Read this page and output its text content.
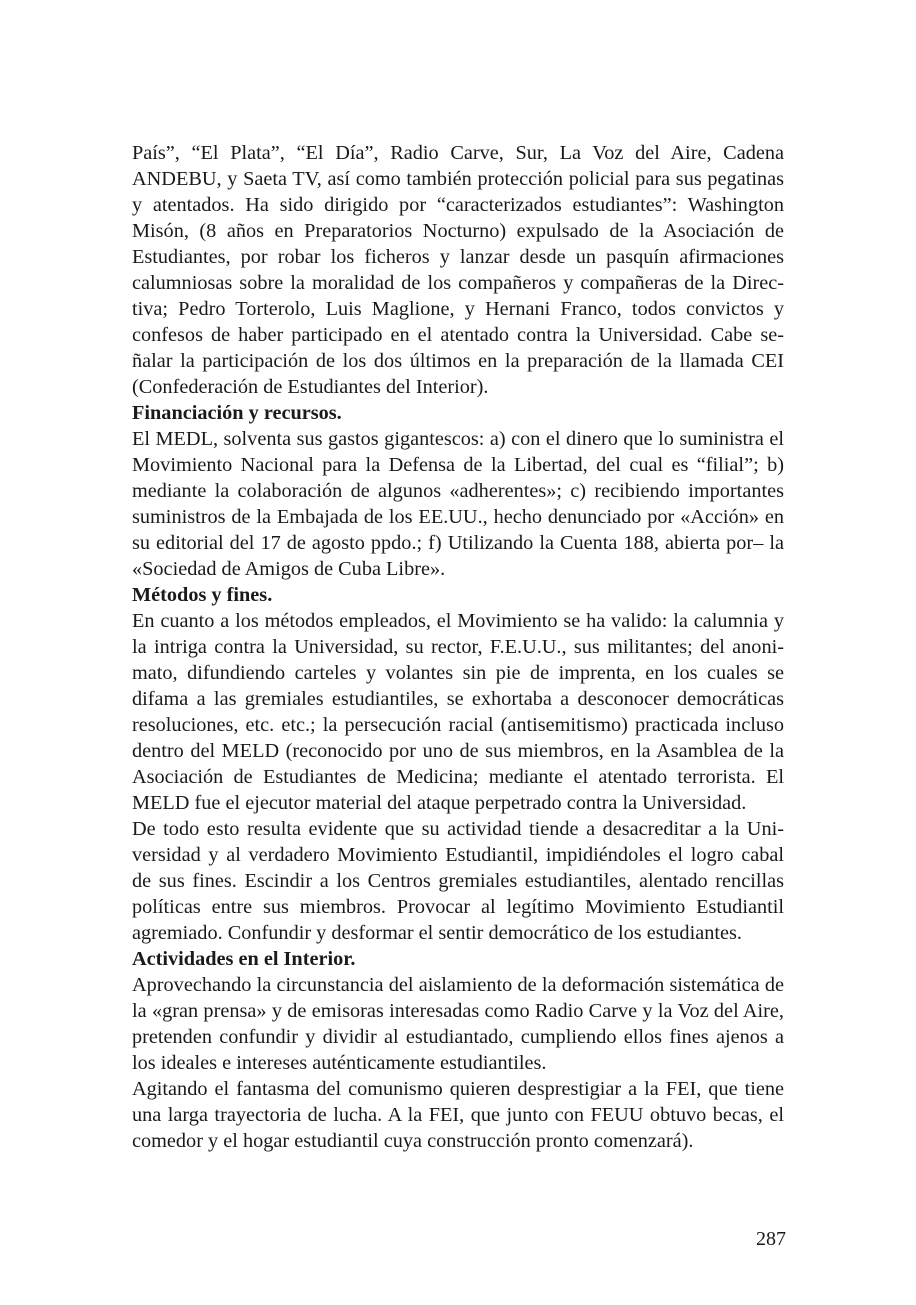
País”, “El Plata”, “El Día”, Radio Carve, Sur, La Voz del Aire, Cadena ANDEBU, y Saeta TV, así como también protección policial para sus pegatinas y atentados. Ha sido dirigido por “caracterizados estudiantes”: Washington Misón, (8 años en Preparatorios Nocturno) expulsado de la Asociación de Estudiantes, por robar los ficheros y lanzar desde un pasquín afirmaciones calumniosas sobre la moralidad de los compañeros y compañeras de la Directiva; Pedro Torterolo, Luis Maglione, y Hernani Franco, todos convictos y confesos de haber participado en el atentado contra la Universidad. Cabe señalar la participación de los dos últimos en la preparación de la llamada CEI (Confederación de Estudiantes del Interior).

Financiación y recursos.

El MEDL, solventa sus gastos gigantescos: a) con el dinero que lo suministra el Movimiento Nacional para la Defensa de la Libertad, del cual es “filial”; b) mediante la colaboración de algunos «adherentes»; c) recibiendo importantes suministros de la Embajada de los EE.UU., hecho denunciado por «Acción» en su editorial del 17 de agosto ppdo.; f) Utilizando la Cuenta 188, abierta por– la «Sociedad de Amigos de Cuba Libre».

Métodos y fines.

En cuanto a los métodos empleados, el Movimiento se ha valido: la calumnia y la intriga contra la Universidad, su rector, F.E.U.U., sus militantes; del anonimato, difundiendo carteles y volantes sin pie de imprenta, en los cuales se difama a las gremiales estudiantiles, se exhortaba a desconocer democráticas resoluciones, etc. etc.; la persecución racial (antisemitismo) practicada incluso dentro del MELD (reconocido por uno de sus miembros, en la Asamblea de la Asociación de Estudiantes de Medicina; mediante el atentado terrorista. El MELD fue el ejecutor material del ataque perpetrado contra la Universidad.

De todo esto resulta evidente que su actividad tiende a desacreditar a la Universidad y al verdadero Movimiento Estudiantil, impidiéndoles el logro cabal de sus fines. Escindir a los Centros gremiales estudiantiles, alentado rencillas políticas entre sus miembros. Provocar al legítimo Movimiento Estudiantil agremiado. Confundir y desformar el sentir democrático de los estudiantes.

Actividades en el Interior.

Aprovechando la circunstancia del aislamiento de la deformación sistemática de la «gran prensa» y de emisoras interesadas como Radio Carve y la Voz del Aire, pretenden confundir y dividir al estudiantado, cumpliendo ellos fines ajenos a los ideales e intereses auténticamente estudiantiles.

Agitando el fantasma del comunismo quieren desprestigiar a la FEI, que tiene una larga trayectoria de lucha. A la FEI, que junto con FEUU obtuvo becas, el comedor y el hogar estudiantil cuya construcción pronto comenzará).

287
